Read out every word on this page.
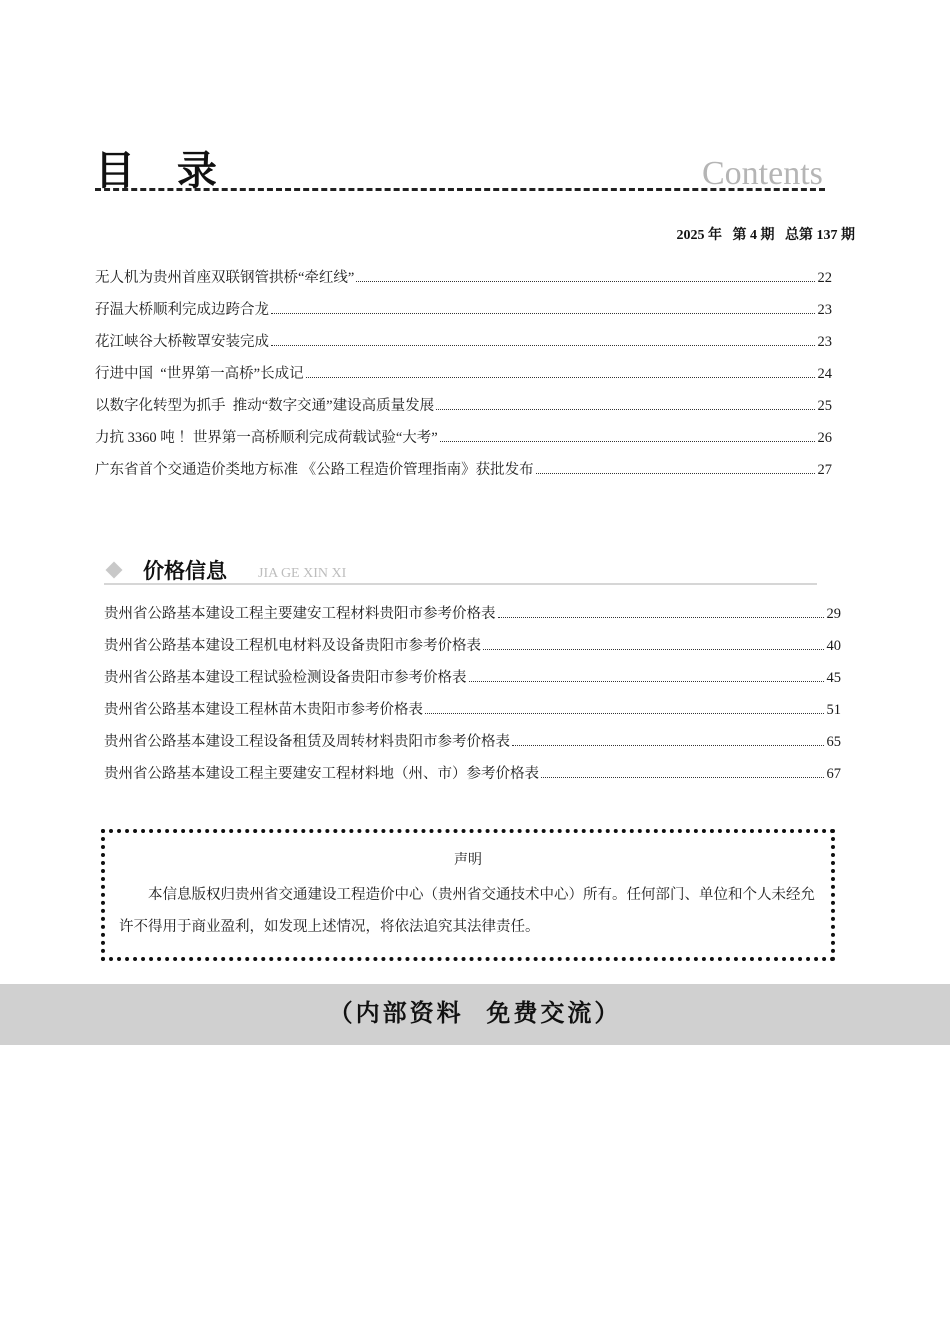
目 录	Contents
2025 年   第 4 期   总第 137 期
无人机为贵州首座双联钢管拱桥“牵红线”	22
孖温大桥顺利完成边跨合龙	23
花江峡谷大桥鞍罩安装完成	23
行进中国  “世界第一高桥”长成记	24
以数字化转型为抓手  推动“数字交通”建设高质量发展	25
力抗 3360 吨 ！世界第一高桥顺利完成荷载试验“大考”	26
广东省首个交通造价类地方标准 《公路工程造价管理指南》获批发布	27
价格信息 JIA GE XIN XI
贵州省公路基本建设工程主要建安工程材料贵阳市参考价格表	29
贵州省公路基本建设工程机电材料及设备贵阳市参考价格表	40
贵州省公路基本建设工程试验检测设备贵阳市参考价格表	45
贵州省公路基本建设工程林苗木贵阳市参考价格表	51
贵州省公路基本建设工程设备租赁及周转材料贵阳市参考价格表	65
贵州省公路基本建设工程主要建安工程材料地（州、市）参考价格表	67
声明
本信息版权归贵州省交通建设工程造价中心（贵州省交通技术中心）所有。任何部门、单位和个人未经允许不得用于商业盈利，如发现上述情况，将依法追究其法律责任。
（内部资料  免费交流）
